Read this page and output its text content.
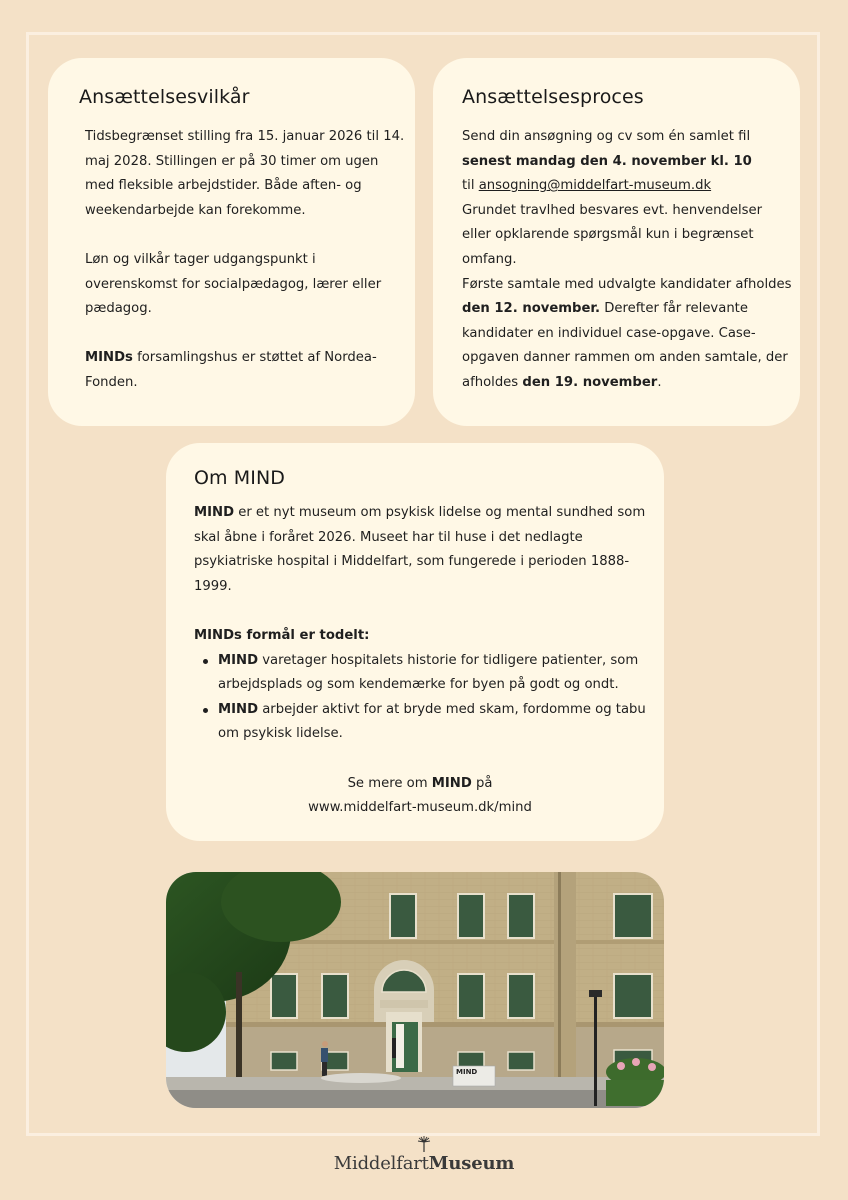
Ansættelsesvilkår

Tidsbegrænset stilling fra 15. januar 2026 til 14. maj 2028. Stillingen er på 30 timer om ugen med fleksible arbejdstider. Både aften- og weekendarbejde kan forekomme.

Løn og vilkår tager udgangspunkt i overenskomst for socialpædagog, lærer eller pædagog.

MINDs forsamlingshus er støttet af Nordea-Fonden.

Ansættelsesproces

Send din ansøgning og cv som én samlet fil

senest mandag den 4. november kl. 10

til ansogning@middelfart-museum.dk

Grundet travlhed besvares evt. henvendelser eller opklarende spørgsmål kun i begrænset omfang.

Første samtale med udvalgte kandidater afholdes den 12. november. Derefter får relevante kandidater en individuel case-opgave. Case-opgaven danner rammen om anden samtale, der afholdes den 19. november.

Om MIND

MIND er et nyt museum om psykisk lidelse og mental sundhed som skal åbne i foråret 2026. Museet har til huse i det nedlagte psykiatriske hospital i Middelfart, som fungerede i perioden 1888-1999.

MINDs formål er todelt:

MIND varetager hospitalets historie for tidligere patienter, som arbejdsplads og som kendemærke for byen på godt og ondt.
MIND arbejder aktivt for at bryde med skam, fordomme og tabu om psykisk lidelse.

Se mere om MIND på

www.middelfart-museum.dk/mind

MIND
MiddelfartMuseum
